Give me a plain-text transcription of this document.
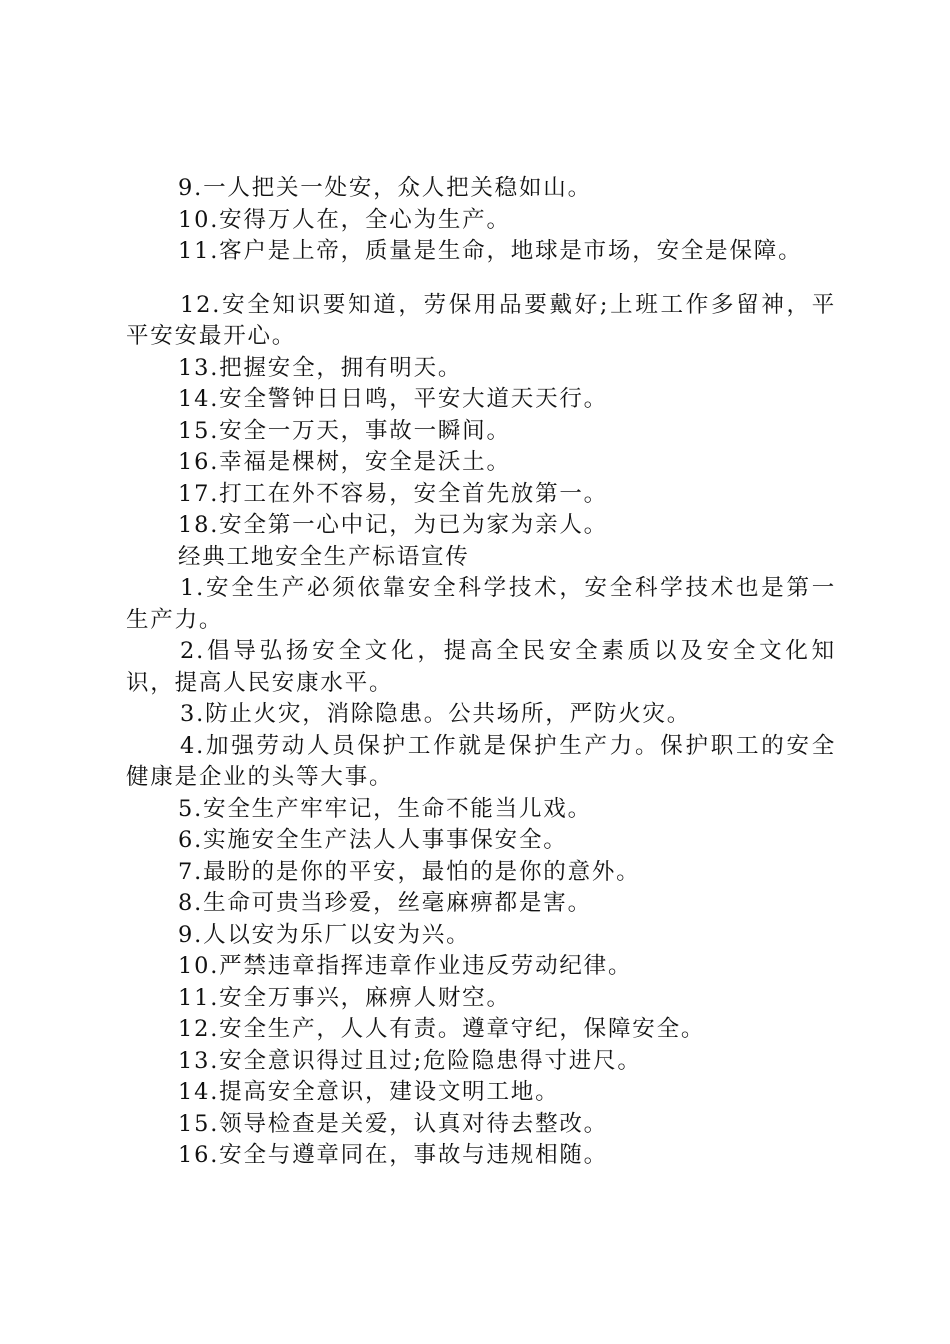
9.一人把关一处安，众人把关稳如山。
10.安得万人在，全心为生产。
11.客户是上帝，质量是生命，地球是市场，安全是保障。
12.安全知识要知道，劳保用品要戴好;上班工作多留神，平平安安最开心。
13.把握安全，拥有明天。
14.安全警钟日日鸣，平安大道天天行。
15.安全一万天，事故一瞬间。
16.幸福是棵树，安全是沃土。
17.打工在外不容易，安全首先放第一。
18.安全第一心中记，为已为家为亲人。
经典工地安全生产标语宣传
1.安全生产必须依靠安全科学技术，安全科学技术也是第一生产力。
2.倡导弘扬安全文化，提高全民安全素质以及安全文化知识，提高人民安康水平。
3.防止火灾，消除隐患。公共场所，严防火灾。
4.加强劳动人员保护工作就是保护生产力。保护职工的安全健康是企业的头等大事。
5.安全生产牢牢记，生命不能当儿戏。
6.实施安全生产法人人事事保安全。
7.最盼的是你的平安，最怕的是你的意外。
8.生命可贵当珍爱，丝毫麻痹都是害。
9.人以安为乐厂以安为兴。
10.严禁违章指挥违章作业违反劳动纪律。
11.安全万事兴，麻痹人财空。
12.安全生产，人人有责。遵章守纪，保障安全。
13.安全意识得过且过;危险隐患得寸进尺。
14.提高安全意识，建设文明工地。
15.领导检查是关爱，认真对待去整改。
16.安全与遵章同在，事故与违规相随。
